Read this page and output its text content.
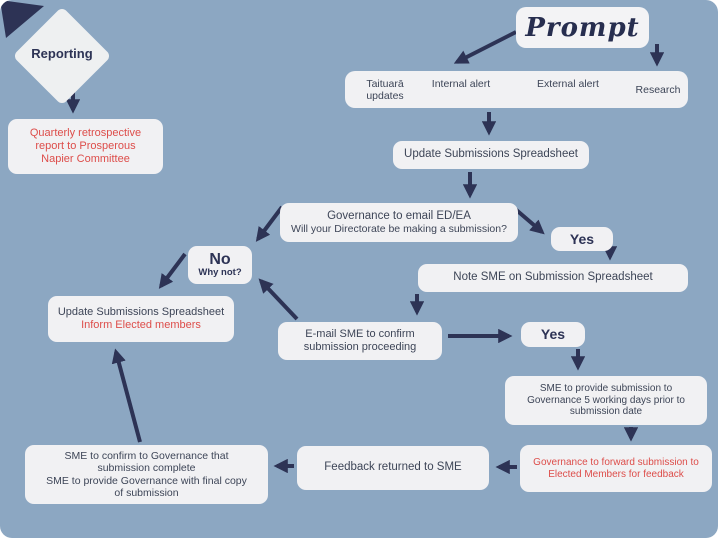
Reporting
Quarterly retrospective
report to Prosperous
Napier Committee
Prompt
Taituarā updates
Internal alert	External alert	Research
Update Submissions Spreadsheet
Governance to email ED/EA
Will your Directorate be making a submission?
Yes
Note SME on Submission Spreadsheet
No
Why not?
Update Submissions Spreadsheet
Inform Elected members
E-mail SME to confirm
submission proceeding
Yes
SME to provide submission to
Governance 5 working days prior to
submission date
Governance to forward submission to
Elected Members for feedback
Feedback returned to SME
SME to confirm to Governance that
submission complete
SME to provide Governance with final copy
of submission
